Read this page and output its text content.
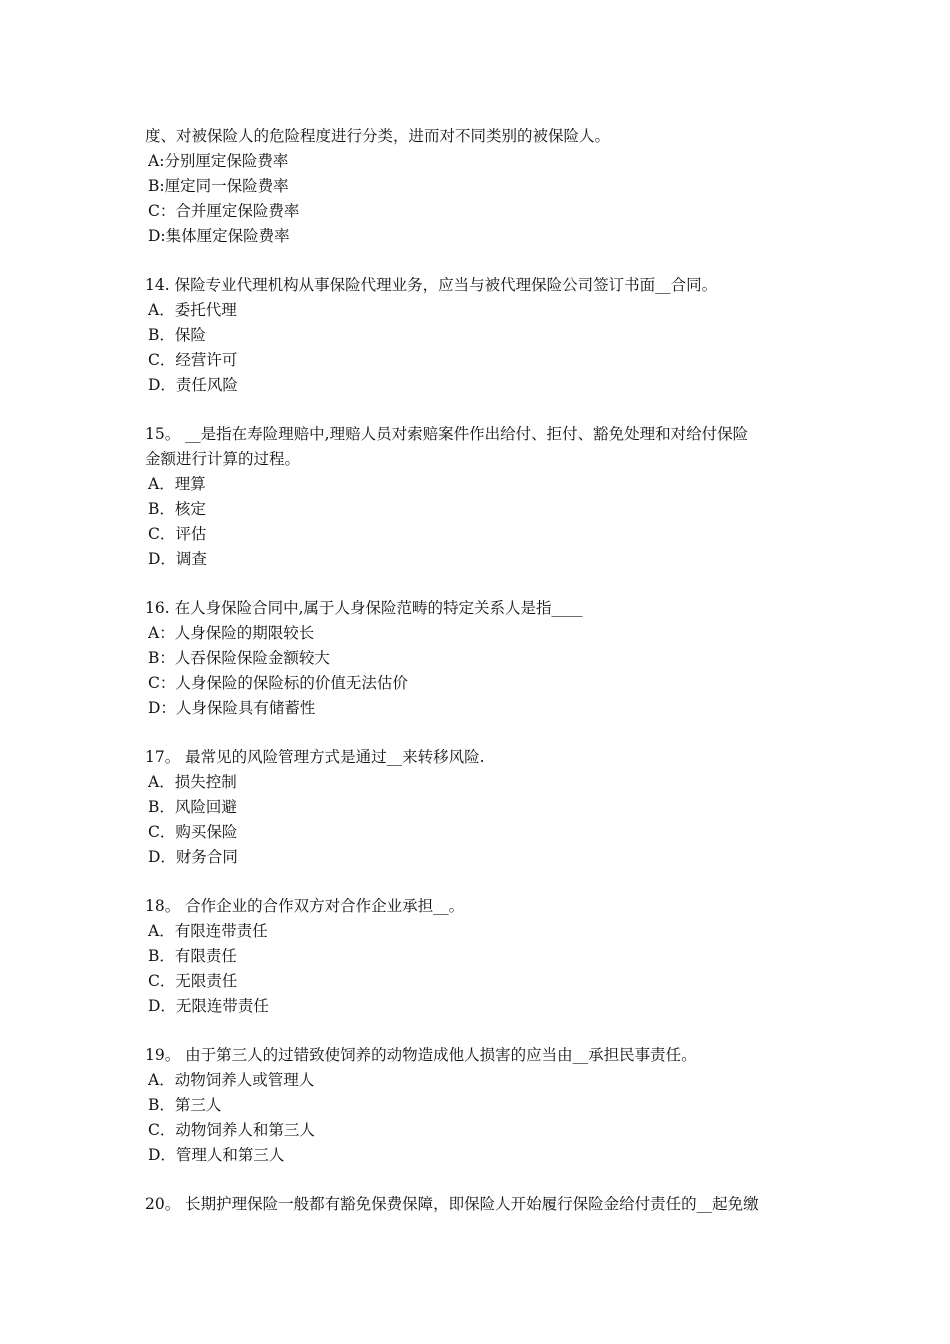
度、对被保险人的危险程度进行分类，进而对不同类别的被保险人。
A:分别厘定保险费率
B:厘定同一保险费率
C：合并厘定保险费率
D:集体厘定保险费率
14. 保险专业代理机构从事保险代理业务，应当与被代理保险公司签订书面__合同。
A．委托代理
B．保险
C．经营许可
D．责任风险
15。 __是指在寿险理赔中,理赔人员对索赔案件作出给付、拒付、豁免处理和对给付保险
金额进行计算的过程。
A．理算
B．核定
C．评估
D．调查
16. 在人身保险合同中,属于人身保险范畴的特定关系人是指____
A：人身保险的期限较长
B：人吞保险保险金额较大
C：人身保险的保险标的价值无法估价
D：人身保险具有储蓄性
17。 最常见的风险管理方式是通过__来转移风险.
A．损失控制
B．风险回避
C．购买保险
D．财务合同
18。 合作企业的合作双方对合作企业承担__。
A．有限连带责任
B．有限责任
C．无限责任
D．无限连带责任
19。 由于第三人的过错致使饲养的动物造成他人损害的应当由__承担民事责任。
A．动物饲养人或管理人
B．第三人
C．动物饲养人和第三人
D．管理人和第三人
20。 长期护理保险一般都有豁免保费保障，即保险人开始履行保险金给付责任的__起免缴
